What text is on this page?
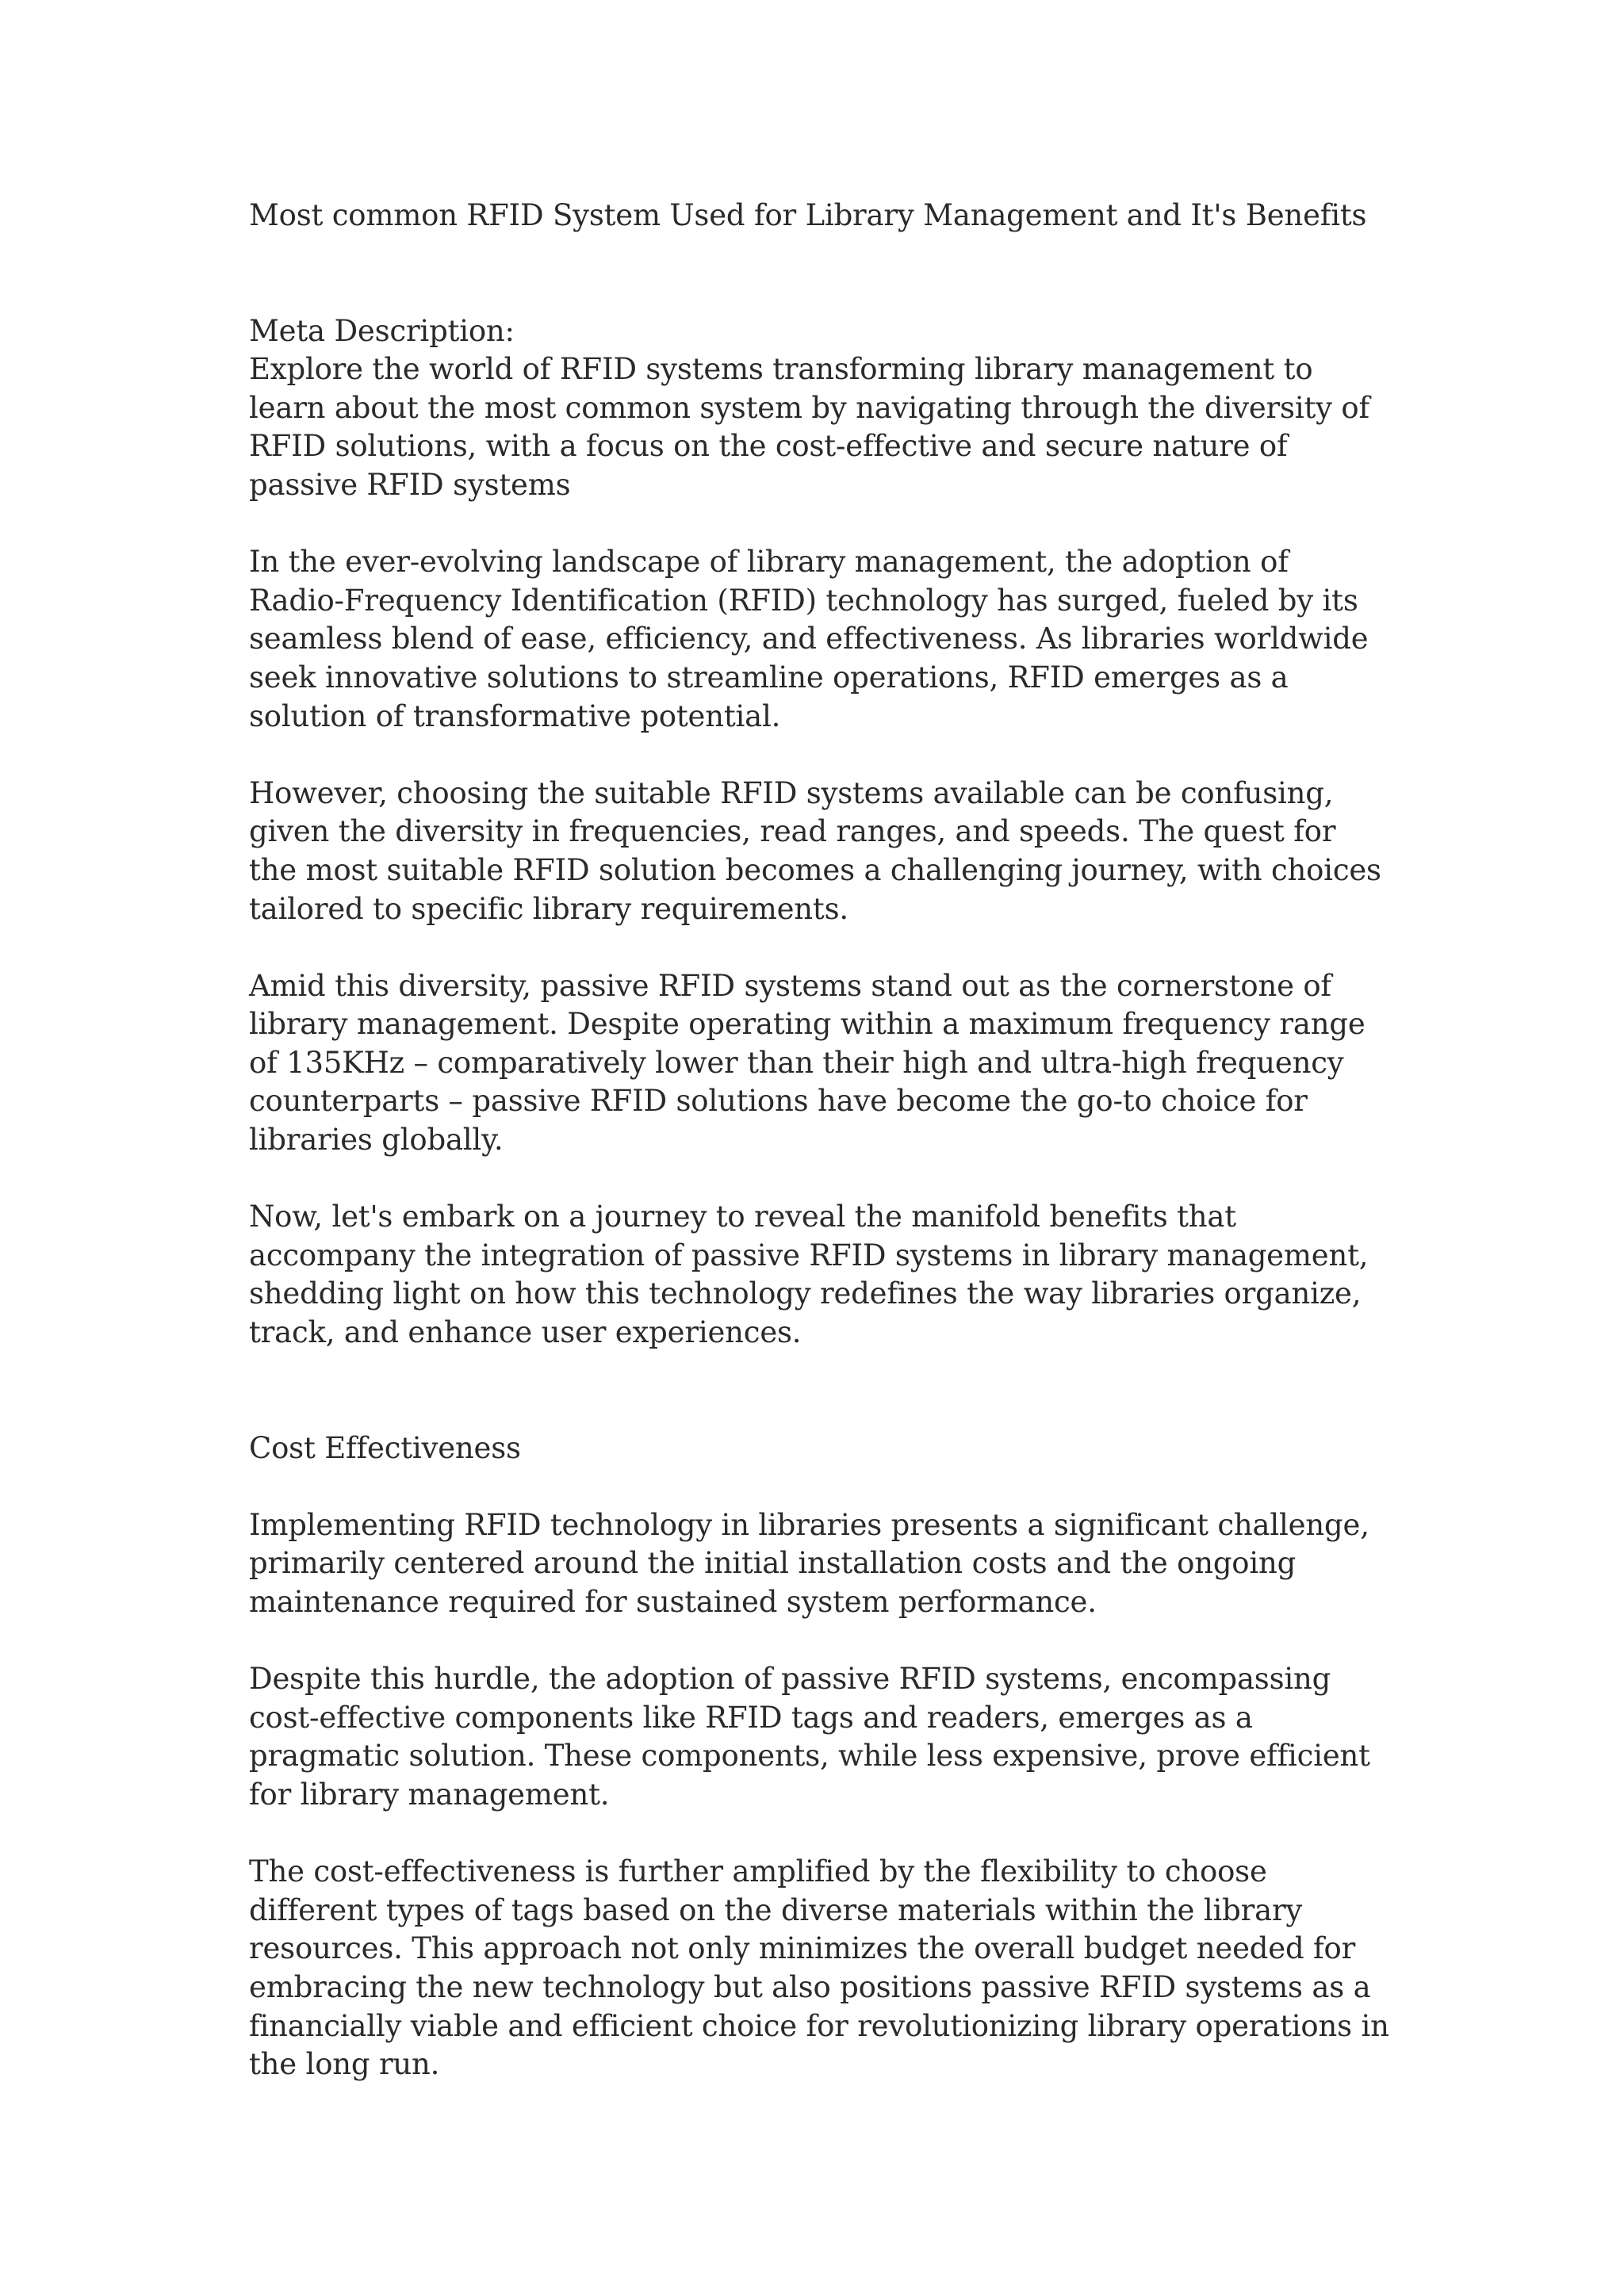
Most common RFID System Used for Library Management and It's Benefits

Meta Description:

Explore the world of RFID systems transforming library management to learn about the most common system by navigating through the diversity of RFID solutions, with a focus on the cost-effective and secure nature of passive RFID systems

In the ever-evolving landscape of library management, the adoption of Radio-Frequency Identification (RFID) technology has surged, fueled by its seamless blend of ease, efficiency, and effectiveness. As libraries worldwide seek innovative solutions to streamline operations, RFID emerges as a solution of transformative potential.

However, choosing the suitable RFID systems available can be confusing, given the diversity in frequencies, read ranges, and speeds. The quest for the most suitable RFID solution becomes a challenging journey, with choices tailored to specific library requirements.

Amid this diversity, passive RFID systems stand out as the cornerstone of library management. Despite operating within a maximum frequency range of 135KHz – comparatively lower than their high and ultra-high frequency counterparts – passive RFID solutions have become the go-to choice for libraries globally.

Now, let's embark on a journey to reveal the manifold benefits that accompany the integration of passive RFID systems in library management, shedding light on how this technology redefines the way libraries organize, track, and enhance user experiences.

Cost Effectiveness

Implementing RFID technology in libraries presents a significant challenge, primarily centered around the initial installation costs and the ongoing maintenance required for sustained system performance.

Despite this hurdle, the adoption of passive RFID systems, encompassing cost-effective components like RFID tags and readers, emerges as a pragmatic solution. These components, while less expensive, prove efficient for library management.

The cost-effectiveness is further amplified by the flexibility to choose different types of tags based on the diverse materials within the library resources. This approach not only minimizes the overall budget needed for embracing the new technology but also positions passive RFID systems as a financially viable and efficient choice for revolutionizing library operations in the long run.
